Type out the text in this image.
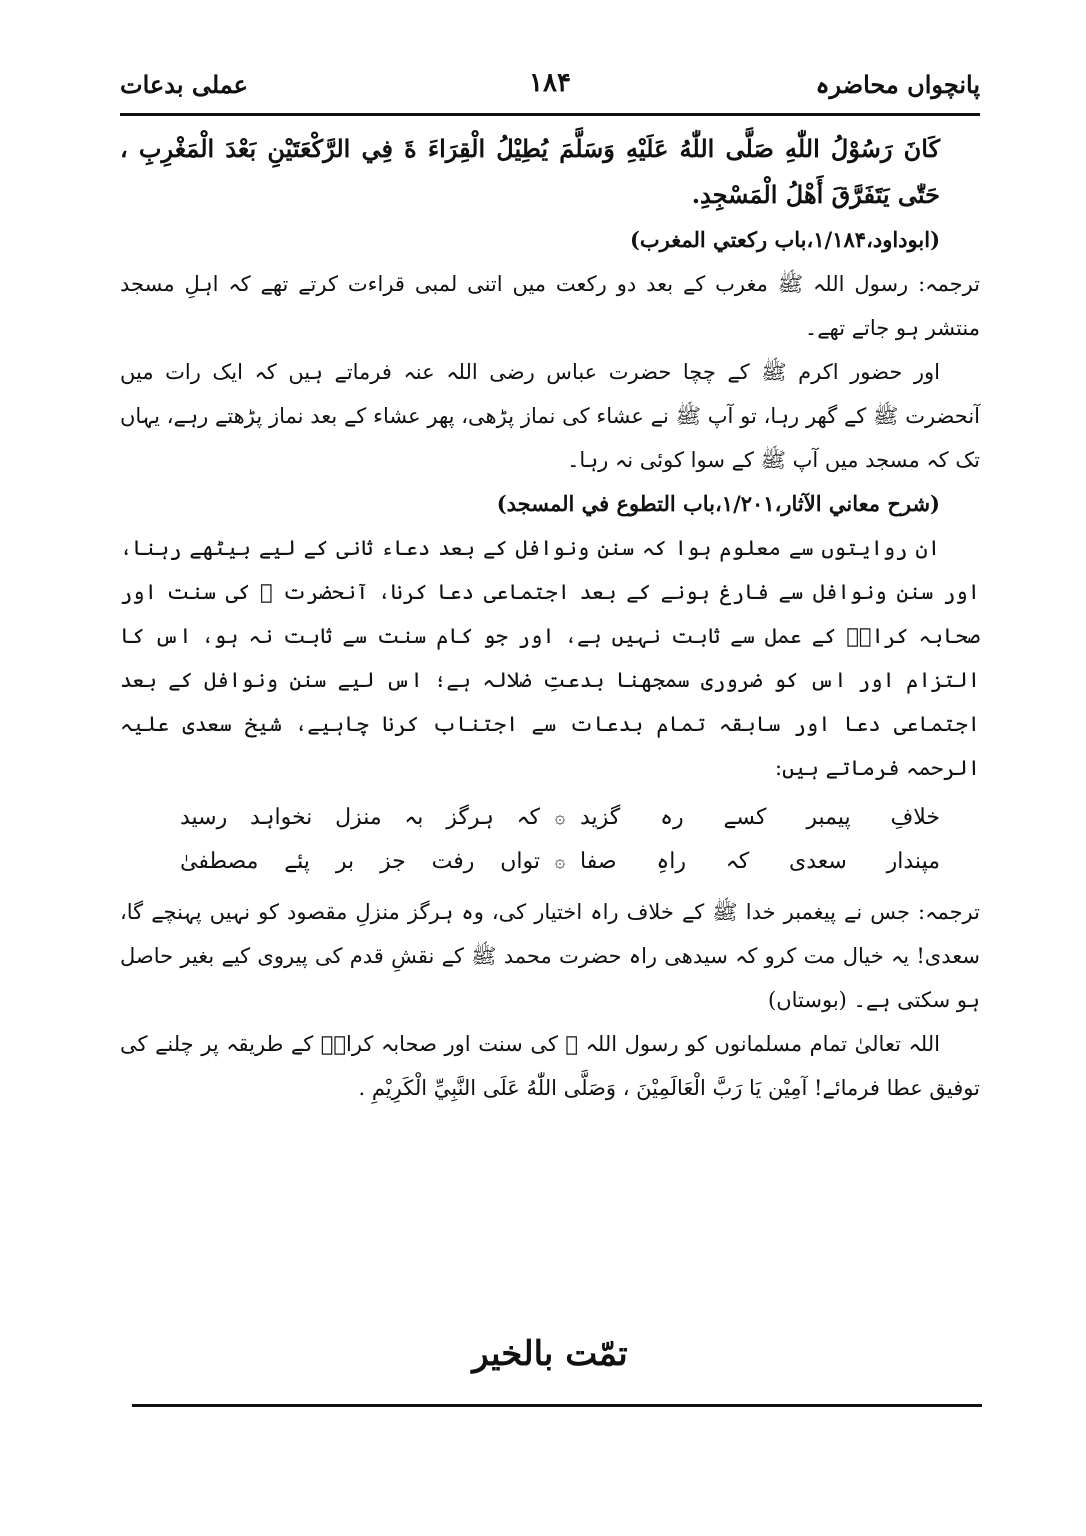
پانچواں محاضرہ
۱۸۴
عملی بدعات

كَانَ رَسُوْلُ اللّٰهِ صَلَّى اللّٰهُ عَلَيْهِ وَسَلَّمَ يُطِيْلُ الْقِرَاءَ ةَ فِي الرَّكْعَتَيْنِ بَعْدَ الْمَغْرِبِ ، حَتّٰى يَتَفَرَّقَ أَهْلُ الْمَسْجِدِ.

(ابوداود،۱/۱۸۴،باب ركعتي المغرب)

ترجمہ: رسول اللہ ﷺ مغرب کے بعد دو رکعت میں اتنی لمبی قراءت کرتے تھے کہ اہلِ مسجد منتشر ہو جاتے تھے۔

اور حضور اکرم ﷺ کے چچا حضرت عباس رضی اللہ عنہ فرماتے ہیں کہ ایک رات میں آنحضرت ﷺ کے گھر رہا، تو آپ ﷺ نے عشاء کی نماز پڑھی، پھر عشاء کے بعد نماز پڑھتے رہے، یہاں تک کہ مسجد میں آپ ﷺ کے سوا کوئی نہ رہا۔

(شرح معاني الآثار،۱/۲۰۱،باب التطوع في المسجد)

ان روایتوں سے معلوم ہوا کہ سنن ونوافل کے بعد دعاء ثانی کے لیے بیٹھے رہنا، اور سنن ونوافل سے فارغ ہونے کے بعد اجتماعی دعا کرنا، آنحضرت ﷺ کی سنت اور صحابہ کرامؓ کے عمل سے ثابت نہیں ہے، اور جو کام سنت سے ثابت نہ ہو، اس کا التزام اور اس کو ضروری سمجھنا بدعتِ ضلالہ ہے؛ اس لیے سنن ونوافل کے بعد اجتماعی دعا اور سابقہ تمام بدعات سے اجتناب کرنا چاہیے، شیخ سعدی علیہ الرحمہ فرماتے ہیں:

خلافِ پیمبر کسے رہ گزید
۞
کہ ہرگز بہ منزل نخواہد رسید
مپندار سعدی کہ راہِ صفا
۞
تواں رفت جز بر پئے مصطفیٰ

ترجمہ: جس نے پیغمبر خدا ﷺ کے خلاف راہ اختیار کی، وہ ہرگز منزلِ مقصود کو نہیں پہنچے گا، سعدی! یہ خیال مت کرو کہ سیدھی راہ حضرت محمد ﷺ کے نقشِ قدم کی پیروی کیے بغیر حاصل ہو سکتی ہے۔ (بوستاں)

اللہ تعالیٰ تمام مسلمانوں کو رسول اللہ ﷺ کی سنت اور صحابہ کرامؓ کے طریقہ پر چلنے کی توفیق عطا فرمائے! آمِيْن يَا رَبَّ الْعَالَمِيْنَ ، وَصَلَّى اللّٰهُ عَلَى النَّبِيِّ الْكَرِيْمِ .

تمّت بالخیر
